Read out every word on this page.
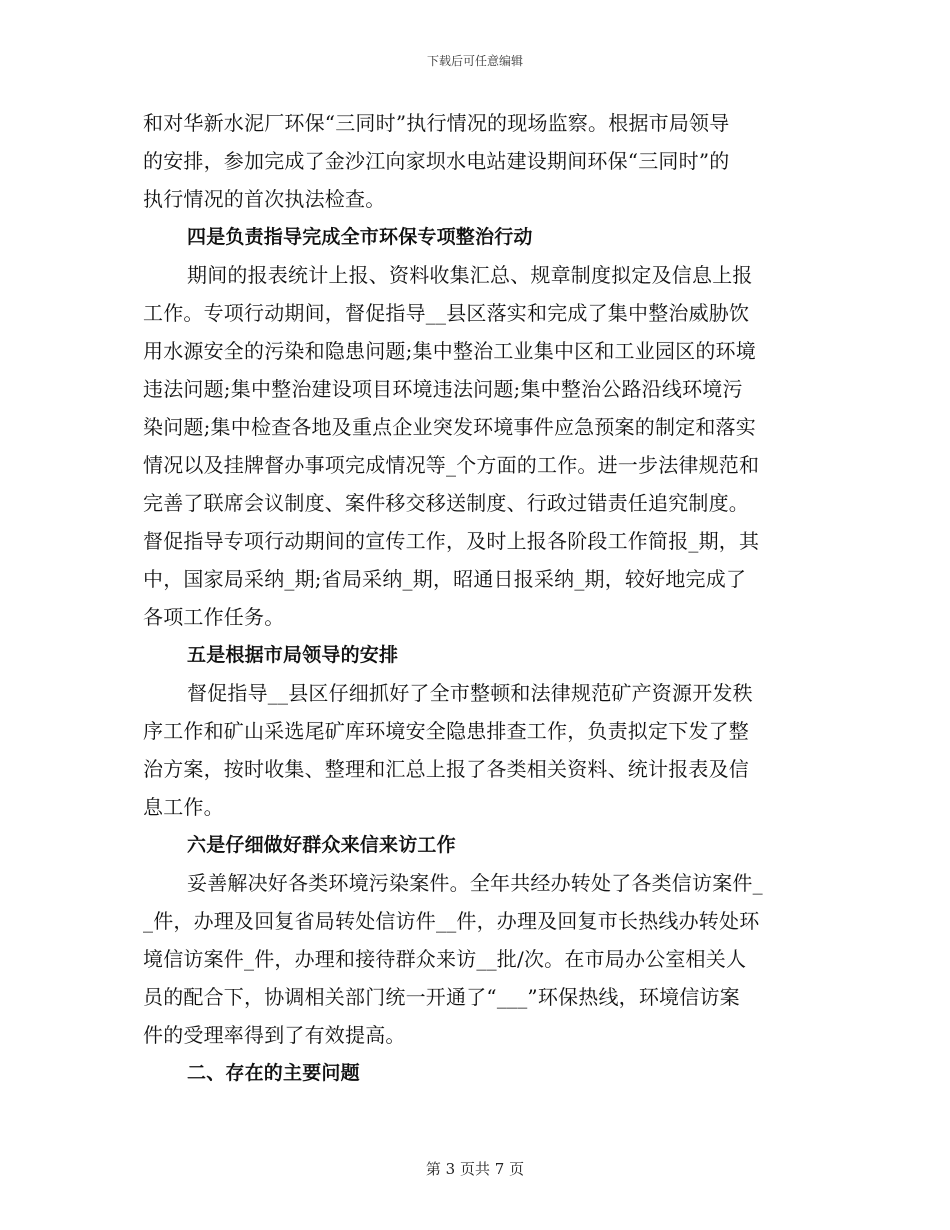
下载后可任意编辑
和对华新水泥厂环保“三同时”执行情况的现场监察。根据市局领导
的安排，参加完成了金沙江向家坝水电站建设期间环保“三同时”的
执行情况的首次执法检查。
四是负责指导完成全市环保专项整治行动
期间的报表统计上报、资料收集汇总、规章制度拟定及信息上报
工作。专项行动期间，督促指导__县区落实和完成了集中整治威胁饮
用水源安全的污染和隐患问题;集中整治工业集中区和工业园区的环境
违法问题;集中整治建设项目环境违法问题;集中整治公路沿线环境污
染问题;集中检查各地及重点企业突发环境事件应急预案的制定和落实
情况以及挂牌督办事项完成情况等_个方面的工作。进一步法律规范和
完善了联席会议制度、案件移交移送制度、行政过错责任追究制度。
督促指导专项行动期间的宣传工作，及时上报各阶段工作简报_期，其
中，国家局采纳_期;省局采纳_期，昭通日报采纳_期，较好地完成了
各项工作任务。
五是根据市局领导的安排
督促指导__县区仔细抓好了全市整顿和法律规范矿产资源开发秩
序工作和矿山采选尾矿库环境安全隐患排查工作，负责拟定下发了整
治方案，按时收集、整理和汇总上报了各类相关资料、统计报表及信
息工作。
六是仔细做好群众来信来访工作
妥善解决好各类环境污染案件。全年共经办转处了各类信访案件_
_件，办理及回复省局转处信访件__件，办理及回复市长热线办转处环
境信访案件_件，办理和接待群众来访__批/次。在市局办公室相关人
员的配合下，协调相关部门统一开通了“___”环保热线，环境信访案
件的受理率得到了有效提高。
二、存在的主要问题
第 3 页共 7 页
